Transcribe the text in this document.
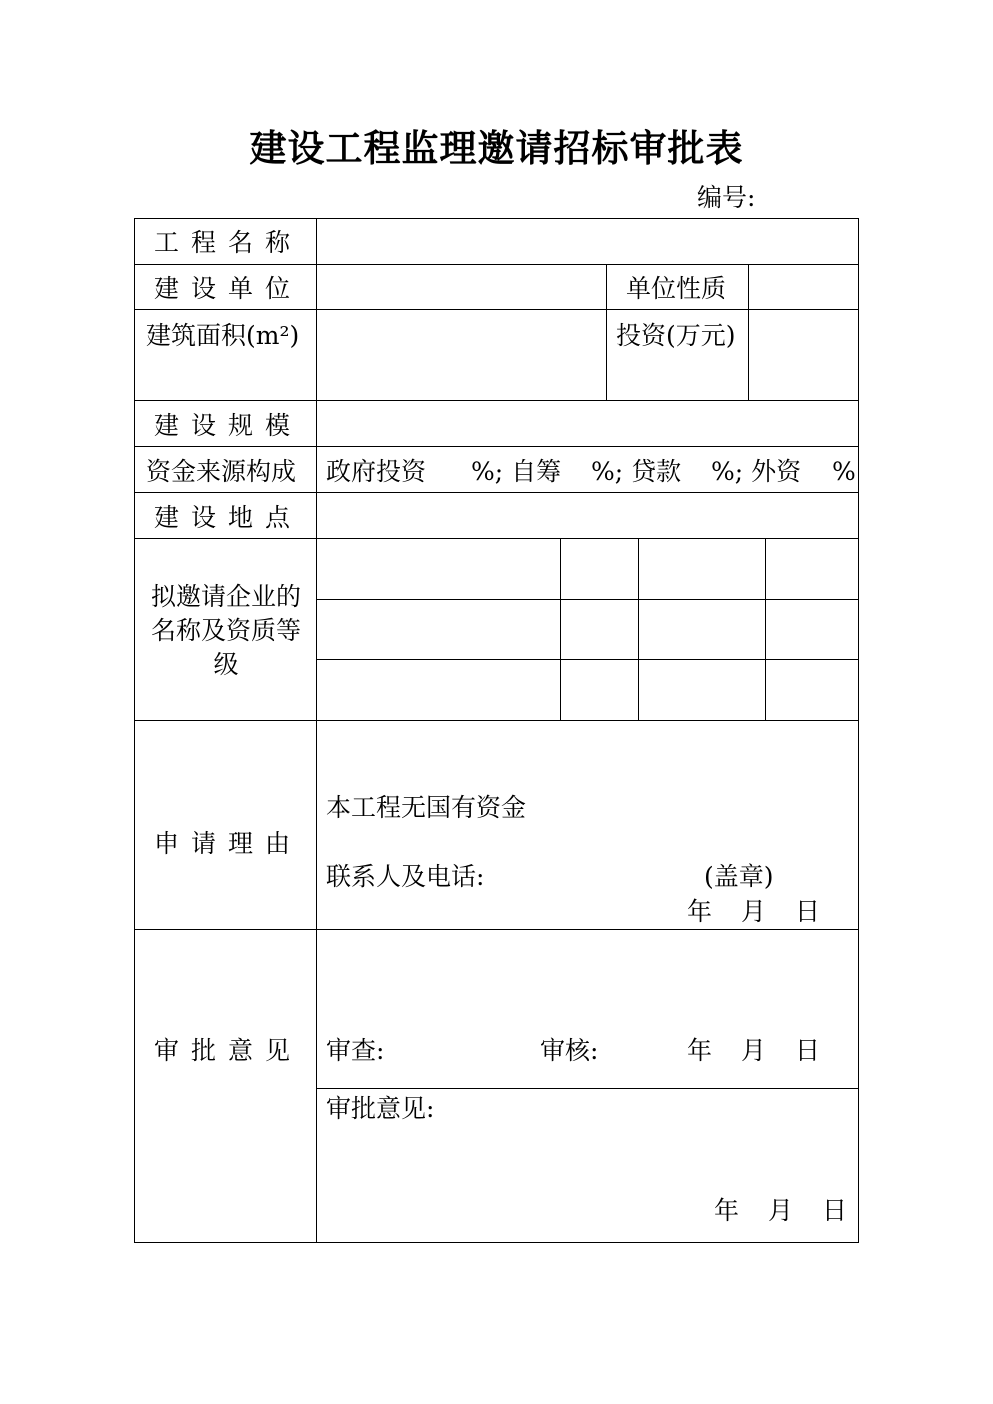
建设工程监理邀请招标审批表
编号:
工程名称
建设单位	单位性质
建筑面积(m²)	投资(万元)
建设规模
资金来源构成 政府投资 %; 自筹 %; 贷款 %; 外资 %
建设地点
拟邀请企业的
名称及资质等
级
申请理由
本工程无国有资金
联系人及电话:	(盖章)
年 月 日
审批意见 审查:	审核:	年 月 日
审批意见:
年 月 日
